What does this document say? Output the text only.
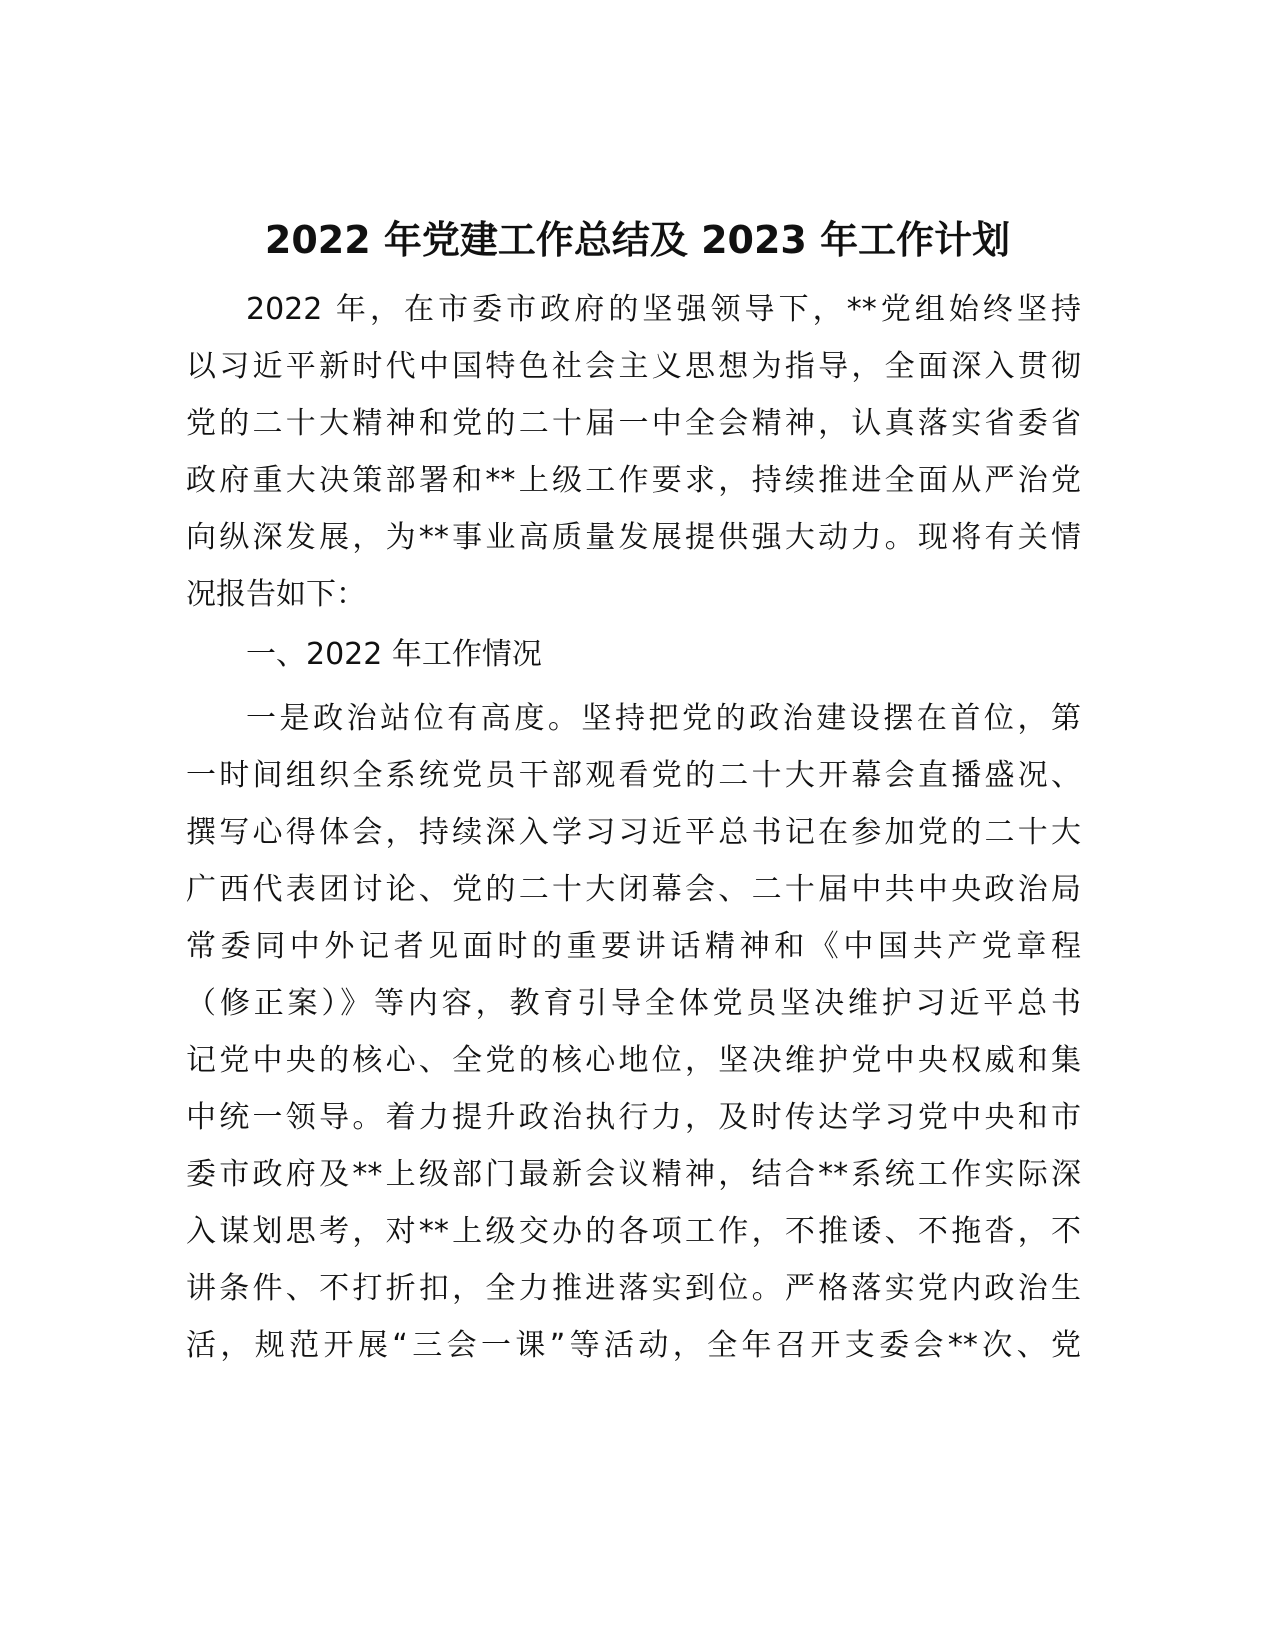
2022 年党建工作总结及 2023 年工作计划
2022 年，在市委市政府的坚强领导下，**党组始终坚持
以习近平新时代中国特色社会主义思想为指导，全面深入贯彻
党的二十大精神和党的二十届一中全会精神，认真落实省委省
政府重大决策部署和**上级工作要求，持续推进全面从严治党
向纵深发展，为**事业高质量发展提供强大动力。现将有关情
况报告如下：
一、2022 年工作情况
一是政治站位有高度。坚持把党的政治建设摆在首位，第
一时间组织全系统党员干部观看党的二十大开幕会直播盛况、
撰写心得体会，持续深入学习习近平总书记在参加党的二十大
广西代表团讨论、党的二十大闭幕会、二十届中共中央政治局
常委同中外记者见面时的重要讲话精神和《中国共产党章程
（修正案）》等内容，教育引导全体党员坚决维护习近平总书
记党中央的核心、全党的核心地位，坚决维护党中央权威和集
中统一领导。着力提升政治执行力，及时传达学习党中央和市
委市政府及**上级部门最新会议精神，结合**系统工作实际深
入谋划思考，对**上级交办的各项工作，不推诿、不拖沓，不
讲条件、不打折扣，全力推进落实到位。严格落实党内政治生
活，规范开展“三会一课”等活动，全年召开支委会**次、党
